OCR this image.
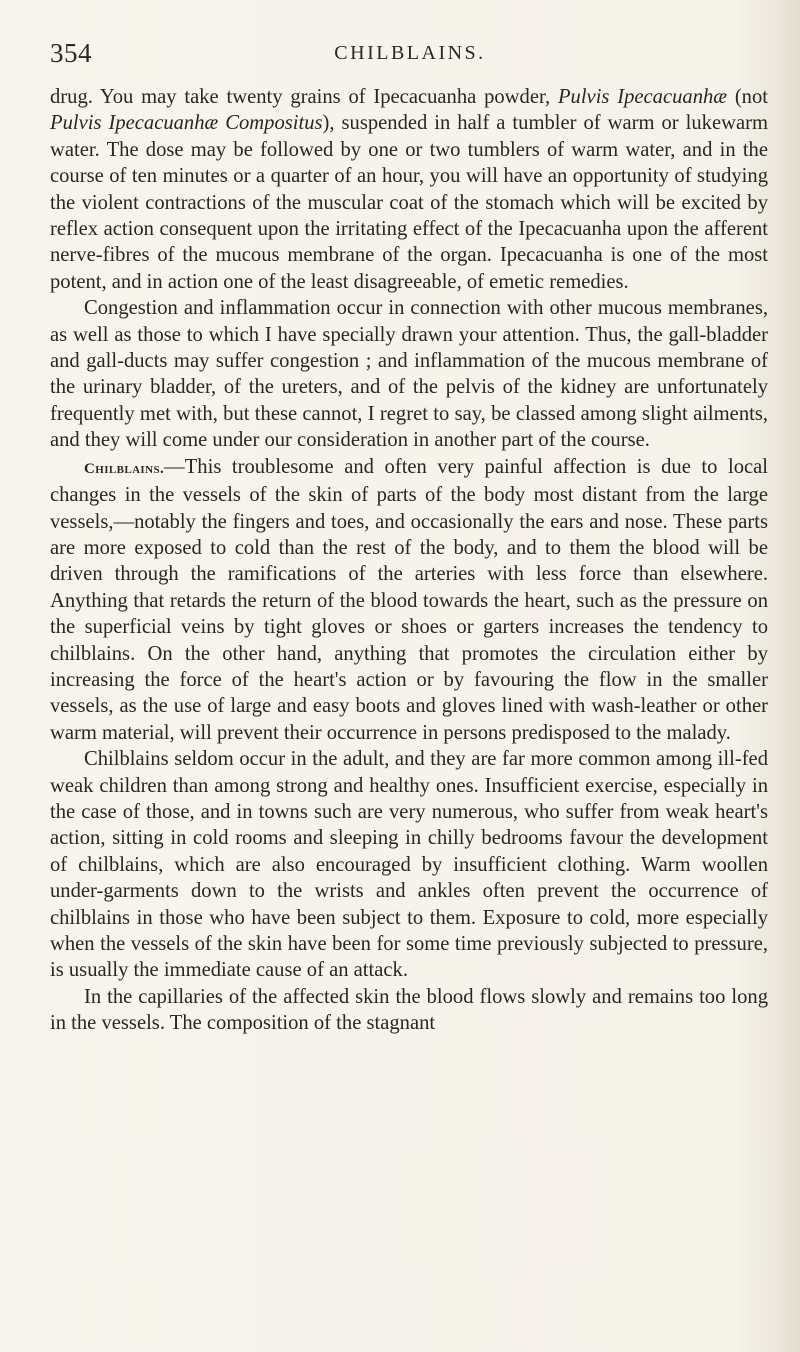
354	CHILBLAINS.

drug. You may take twenty grains of Ipecacuanha powder, Pulvis Ipecacuanhæ (not Pulvis Ipecacuanhæ Compositus), suspended in half a tumbler of warm or lukewarm water. The dose may be followed by one or two tumblers of warm water, and in the course of ten minutes or a quarter of an hour, you will have an opportunity of studying the violent contractions of the muscular coat of the stomach which will be excited by reflex action consequent upon the irritating effect of the Ipecacuanha upon the afferent nerve-fibres of the mucous membrane of the organ. Ipecacuanha is one of the most potent, and in action one of the least disagreeable, of emetic remedies.

Congestion and inflammation occur in connection with other mucous membranes, as well as those to which I have specially drawn your attention. Thus, the gall-bladder and gall-ducts may suffer congestion ; and inflammation of the mucous membrane of the urinary bladder, of the ureters, and of the pelvis of the kidney are unfortunately frequently met with, but these cannot, I regret to say, be classed among slight ailments, and they will come under our consideration in another part of the course.

Chilblains.—This troublesome and often very painful affection is due to local changes in the vessels of the skin of parts of the body most distant from the large vessels,—notably the fingers and toes, and occasionally the ears and nose. These parts are more exposed to cold than the rest of the body, and to them the blood will be driven through the ramifications of the arteries with less force than elsewhere. Anything that retards the return of the blood towards the heart, such as the pressure on the superficial veins by tight gloves or shoes or garters increases the tendency to chilblains. On the other hand, anything that promotes the circulation either by increasing the force of the heart's action or by favouring the flow in the smaller vessels, as the use of large and easy boots and gloves lined with wash-leather or other warm material, will prevent their occurrence in persons predisposed to the malady.

Chilblains seldom occur in the adult, and they are far more common among ill-fed weak children than among strong and healthy ones. Insufficient exercise, especially in the case of those, and in towns such are very numerous, who suffer from weak heart's action, sitting in cold rooms and sleeping in chilly bedrooms favour the development of chilblains, which are also encouraged by insufficient clothing. Warm woollen under-garments down to the wrists and ankles often prevent the occurrence of chilblains in those who have been subject to them. Exposure to cold, more especially when the vessels of the skin have been for some time previously subjected to pressure, is usually the immediate cause of an attack.

In the capillaries of the affected skin the blood flows slowly and remains too long in the vessels. The composition of the stagnant
